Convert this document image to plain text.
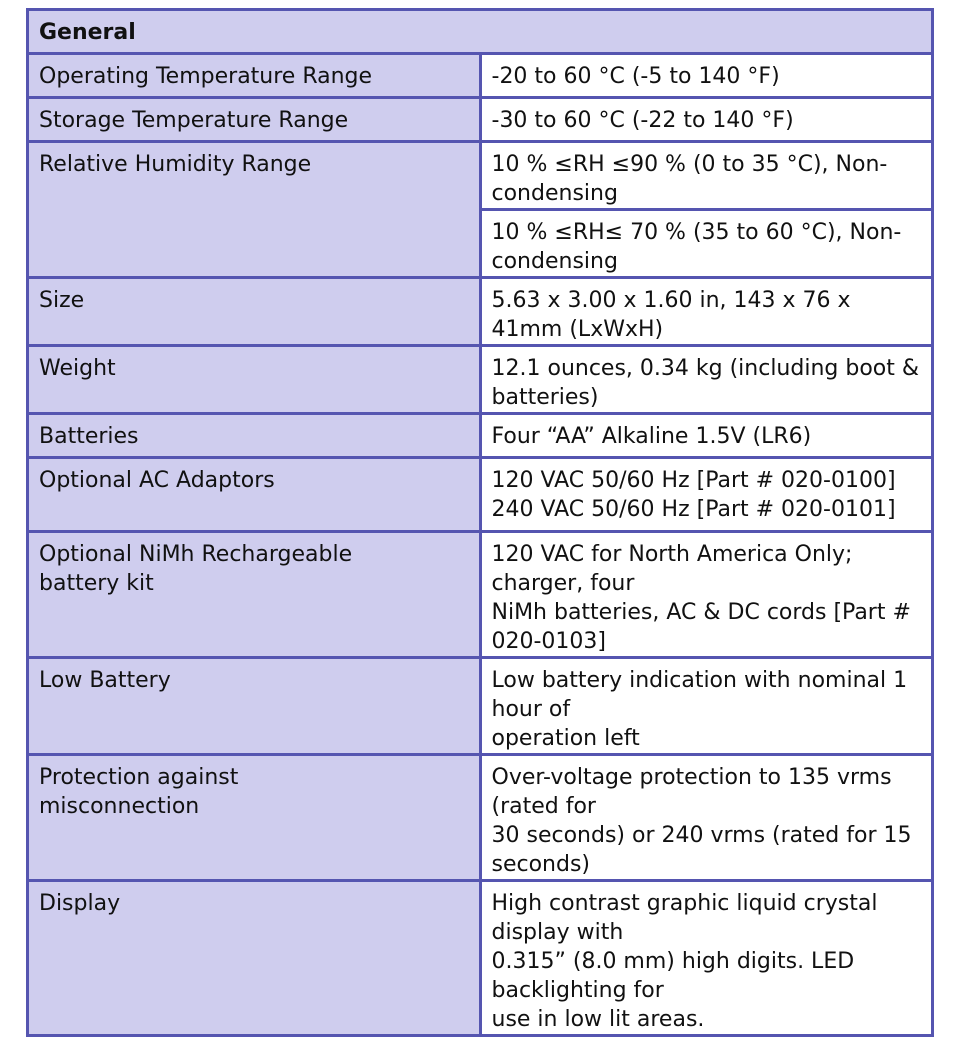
General	
Operating Temperature Range	-20 to 60 °C (-5 to 140 °F)
Storage Temperature Range	-30 to 60 °C (-22 to 140 °F)
Relative Humidity Range	10 % ≤RH ≤90 % (0 to 35 °C), Non-condensing
	10 % ≤RH≤ 70 % (35 to 60 °C), Non-condensing
Size	5.63 x 3.00 x 1.60 in, 143 x 76 x 41mm (LxWxH)
Weight	12.1 ounces, 0.34 kg (including boot & batteries)
Batteries	Four “AA” Alkaline 1.5V (LR6)
Optional AC Adaptors	120 VAC 50/60 Hz [Part # 020-0100]
240 VAC 50/60 Hz [Part # 020-0101]

Optional NiMh Rechargeable
battery kit	120 VAC for North America Only; charger, four
NiMh batteries, AC & DC cords [Part # 020-0103]

Low Battery	Low battery indication with nominal 1 hour of
operation left

Protection against
misconnection	Over-voltage protection to 135 vrms (rated for
30 seconds) or 240 vrms (rated for 15 seconds)

Display	High contrast graphic liquid crystal display with
0.315” (8.0 mm) high digits. LED backlighting for
use in low lit areas.
